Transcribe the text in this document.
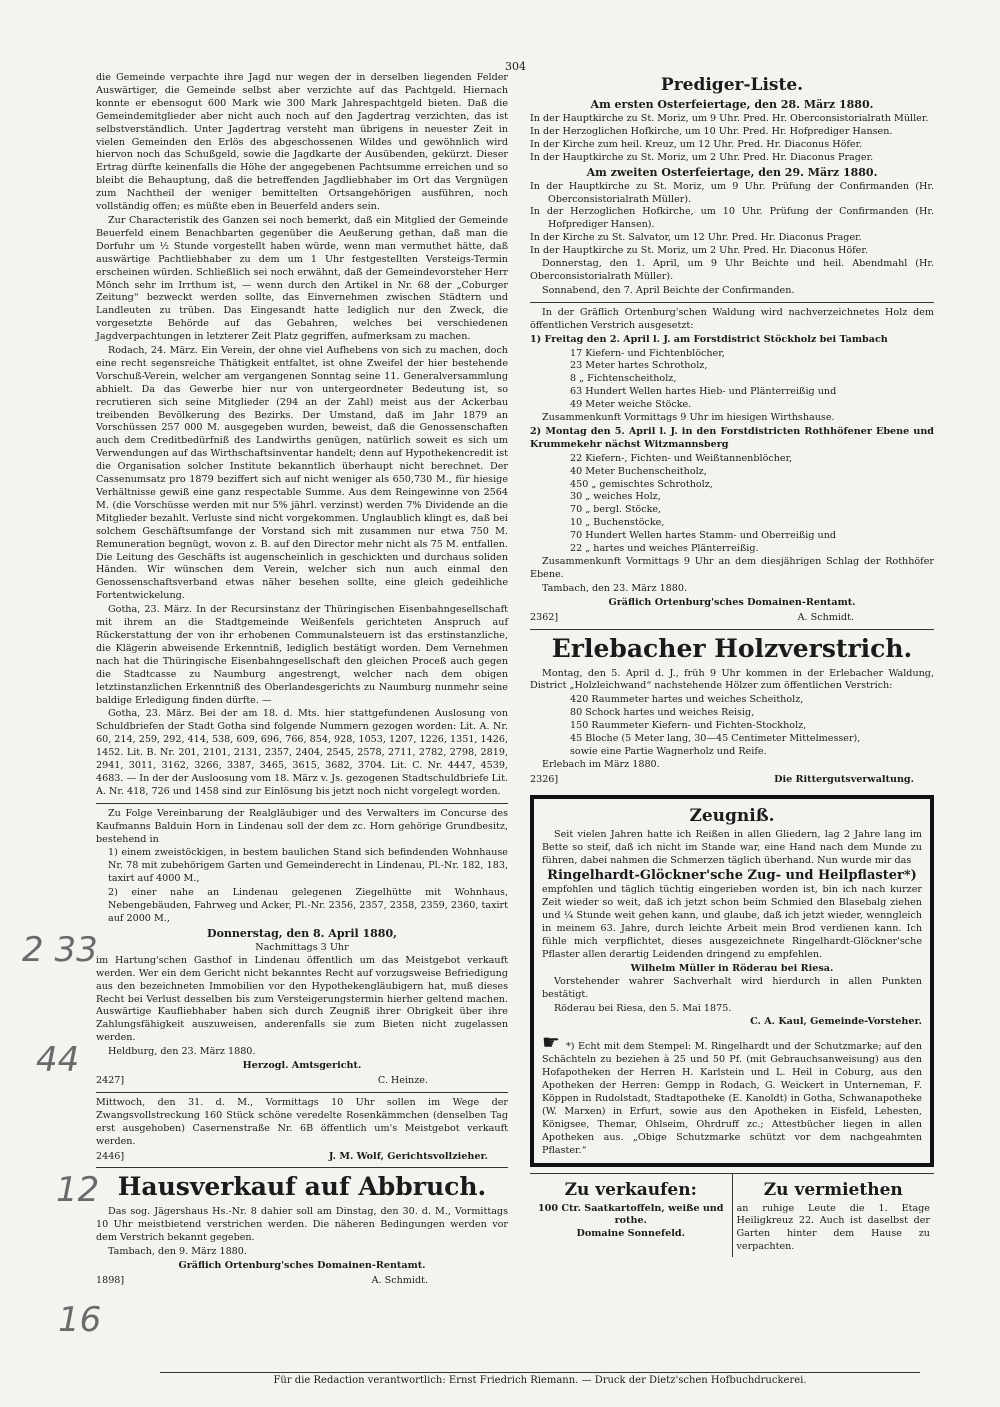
304

die Gemeinde verpachte ihre Jagd nur wegen der in derselben liegenden Felder Auswärtiger, die Gemeinde selbst aber verzichte auf das Pachtgeld. Hiernach konnte er ebensogut 600 Mark wie 300 Mark Jahrespachtgeld bieten. Daß die Gemeindemitglieder aber nicht auch noch auf den Jagdertrag verzichten, das ist selbstverständlich. Unter Jagdertrag versteht man übrigens in neuester Zeit in vielen Gemeinden den Erlös des abgeschossenen Wildes und gewöhnlich wird hiervon noch das Schußgeld, sowie die Jagdkarte der Ausübenden, gekürzt. Dieser Ertrag dürfte keinenfalls die Höhe der angegebenen Pachtsumme erreichen und so bleibt die Behauptung, daß die betreffenden Jagdliebhaber im Ort das Vergnügen zum Nachtheil der weniger bemittelten Ortsangehörigen ausführen, noch vollständig offen; es müßte eben in Beuerfeld anders sein.

Zur Characteristik des Ganzen sei noch bemerkt, daß ein Mitglied der Gemeinde Beuerfeld einem Benachbarten gegenüber die Aeußerung gethan, daß man die Dorfuhr um ½ Stunde vorgestellt haben würde, wenn man vermuthet hätte, daß auswärtige Pachtliebhaber zu dem um 1 Uhr festgestellten Versteigs-Termin erscheinen würden. Schließlich sei noch erwähnt, daß der Gemeindevorsteher Herr Mönch sehr im Irrthum ist, — wenn durch den Artikel in Nr. 68 der „Coburger Zeitung“ bezweckt werden sollte, das Einvernehmen zwischen Städtern und Landleuten zu trüben. Das Eingesandt hatte lediglich nur den Zweck, die vorgesetzte Behörde auf das Gebahren, welches bei verschiedenen Jagdverpachtungen in letzterer Zeit Platz gegriffen, aufmerksam zu machen.

Rodach, 24. März. Ein Verein, der ohne viel Aufhebens von sich zu machen, doch eine recht segensreiche Thätigkeit entfaltet, ist ohne Zweifel der hier bestehende Vorschuß-Verein, welcher am vergangenen Sonntag seine 11. Generalversammlung abhielt. Da das Gewerbe hier nur von untergeordneter Bedeutung ist, so recrutieren sich seine Mitglieder (294 an der Zahl) meist aus der Ackerbau treibenden Bevölkerung des Bezirks. Der Umstand, daß im Jahr 1879 an Vorschüssen 257 000 M. ausgegeben wurden, beweist, daß die Genossenschaften auch dem Creditbedürfniß des Landwirths genügen, natürlich soweit es sich um Verwendungen auf das Wirthschaftsinventar handelt; denn auf Hypothekencredit ist die Organisation solcher Institute bekanntlich überhaupt nicht berechnet. Der Cassenumsatz pro 1879 beziffert sich auf nicht weniger als 650,730 M., für hiesige Verhältnisse gewiß eine ganz respectable Summe. Aus dem Reingewinne von 2564 M. (die Vorschüsse werden mit nur 5% jährl. verzinst) werden 7% Dividende an die Mitglieder bezahlt. Verluste sind nicht vorgekommen. Unglaublich klingt es, daß bei solchem Geschäftsumfange der Vorstand sich mit zusammen nur etwa 750 M. Remuneration begnügt, wovon z. B. auf den Director mehr nicht als 75 M. entfallen. Die Leitung des Geschäfts ist augenscheinlich in geschickten und durchaus soliden Händen. Wir wünschen dem Verein, welcher sich nun auch einmal den Genossenschaftsverband etwas näher besehen sollte, eine gleich gedeihliche Fortentwickelung.

Gotha, 23. März. In der Recursinstanz der Thüringischen Eisenbahngesellschaft mit ihrem an die Stadtgemeinde Weißenfels gerichteten Anspruch auf Rückerstattung der von ihr erhobenen Communalsteuern ist das erstinstanzliche, die Klägerin abweisende Erkenntniß, lediglich bestätigt worden. Dem Vernehmen nach hat die Thüringische Eisenbahngesellschaft den gleichen Proceß auch gegen die Stadtcasse zu Naumburg angestrengt, welcher nach dem obigen letztinstanzlichen Erkenntniß des Oberlandesgerichts zu Naumburg nunmehr seine baldige Erledigung finden dürfte. —

Gotha, 23. März. Bei der am 18. d. Mts. hier stattgefundenen Auslosung von Schuldbriefen der Stadt Gotha sind folgende Nummern gezogen worden: Lit. A. Nr. 60, 214, 259, 292, 414, 538, 609, 696, 766, 854, 928, 1053, 1207, 1226, 1351, 1426, 1452. Lit. B. Nr. 201, 2101, 2131, 2357, 2404, 2545, 2578, 2711, 2782, 2798, 2819, 2941, 3011, 3162, 3266, 3387, 3465, 3615, 3682, 3704. Lit. C. Nr. 4447, 4539, 4683. — In der der Ausloosung vom 18. März v. Js. gezogenen Stadtschuldbriefe Lit. A. Nr. 418, 726 und 1458 sind zur Einlösung bis jetzt noch nicht vorgelegt worden.

Zu Folge Vereinbarung der Realgläubiger und des Verwalters im Concurse des Kaufmanns Balduin Horn in Lindenau soll der dem zc. Horn gehörige Grundbesitz, bestehend in

1) einem zweistöckigen, in bestem baulichen Stand sich befindenden Wohnhause Nr. 78 mit zubehörigem Garten und Gemeinderecht in Lindenau, Pl.-Nr. 182, 183, taxirt auf 4000 M.,

2) einer nahe an Lindenau gelegenen Ziegelhütte mit Wohnhaus, Nebengebäuden, Fahrweg und Acker, Pl.-Nr. 2356, 2357, 2358, 2359, 2360, taxirt auf 2000 M.,

Donnerstag, den 8. April 1880,
Nachmittags 3 Uhr

im Hartung'schen Gasthof in Lindenau öffentlich um das Meistgebot verkauft werden. Wer ein dem Gericht nicht bekanntes Recht auf vorzugsweise Befriedigung aus den bezeichneten Immobilien vor den Hypothekengläubigern hat, muß dieses Recht bei Verlust desselben bis zum Versteigerungstermin hierher geltend machen. Auswärtige Kaufliebhaber haben sich durch Zeugniß ihrer Obrigkeit über ihre Zahlungsfähigkeit auszuweisen, anderenfalls sie zum Bieten nicht zugelassen werden.

Heldburg, den 23. März 1880.

Herzogl. Amtsgericht.
2427]	C. Heinze.

Mittwoch, den 31. d. M., Vormittags 10 Uhr sollen im Wege der Zwangsvollstreckung 160 Stück schöne veredelte Rosenkämmchen (denselben Tag erst ausgehoben) Casernenstraße Nr. 6B öffentlich um's Meistgebot verkauft werden.

2446]	J. M. Wolf, Gerichtsvollzieher.
Hausverkauf auf Abbruch.

Das sog. Jägershaus Hs.-Nr. 8 dahier soll am Dinstag, den 30. d. M., Vormittags 10 Uhr meistbietend verstrichen werden. Die näheren Bedingungen werden vor dem Verstrich bekannt gegeben.

Tambach, den 9. März 1880.

Gräflich Ortenburg'sches Domainen-Rentamt.
1898]	A. Schmidt.
Prediger-Liste.
Am ersten Osterfeiertage, den 28. März 1880.
In der Hauptkirche zu St. Moriz, um 9 Uhr. Pred. Hr. Oberconsistorialrath Müller.
In der Herzoglichen Hofkirche, um 10 Uhr. Pred. Hr. Hofprediger Hansen.
In der Kirche zum heil. Kreuz, um 12 Uhr. Pred. Hr. Diaconus Höfer.
In der Hauptkirche zu St. Moriz, um 2 Uhr. Pred. Hr. Diaconus Prager.
Am zweiten Osterfeiertage, den 29. März 1880.
In der Hauptkirche zu St. Moriz, um 9 Uhr. Prüfung der Confirmanden (Hr. Oberconsistorialrath Müller).
In der Herzoglichen Hofkirche, um 10 Uhr. Prüfung der Confirmanden (Hr. Hofprediger Hansen).
In der Kirche zu St. Salvator, um 12 Uhr. Pred. Hr. Diaconus Prager.
In der Hauptkirche zu St. Moriz, um 2 Uhr. Pred. Hr. Diaconus Höfer.

Donnerstag, den 1. April, um 9 Uhr Beichte und heil. Abendmahl (Hr. Oberconsistorialrath Müller).

Sonnabend, den 7. April Beichte der Confirmanden.

In der Gräflich Ortenburg'schen Waldung wird nachverzeichnetes Holz dem öffentlichen Verstrich ausgesetzt:

1) Freitag den 2. April l. J. am Forstdistrict Stöckholz bei Tambach

17 Kiefern- und Fichtenblöcher,
23 Meter hartes Schrotholz,
8 „ Fichtenscheitholz,
63 Hundert Wellen hartes Hieb- und Plänterreißig und
49 Meter weiche Stöcke.

Zusammenkunft Vormittags 9 Uhr im hiesigen Wirthshause.

2) Montag den 5. April l. J. in den Forstdistricten Rothhöfener Ebene und Krummekehr nächst Witzmannsberg

22 Kiefern-, Fichten- und Weißtannenblöcher,
40 Meter Buchenscheitholz,
450 „ gemischtes Schrotholz,
30 „ weiches Holz,
70 „ bergl. Stöcke,
10 „ Buchenstöcke,
70 Hundert Wellen hartes Stamm- und Oberreißig und
22 „ hartes und weiches Plänterreißig.

Zusammenkunft Vormittags 9 Uhr an dem diesjährigen Schlag der Rothhöfer Ebene.

Tambach, den 23. März 1880.

Gräflich Ortenburg'sches Domainen-Rentamt.
2362]	A. Schmidt.
Erlebacher Holzverstrich.

Montag, den 5. April d. J., früh 9 Uhr kommen in der Erlebacher Waldung, District „Holzleichwand“ nachstehende Hölzer zum öffentlichen Verstrich:

420 Raummeter hartes und weiches Scheitholz,
80 Schock hartes und weiches Reisig,
150 Raummeter Kiefern- und Fichten-Stockholz,
45 Bloche (5 Meter lang, 30—45 Centimeter Mittelmesser),
sowie eine Partie Wagnerholz und Reife.

Erlebach im März 1880.

2326]	Die Rittergutsverwaltung.
Zeugniß.

Seit vielen Jahren hatte ich Reißen in allen Gliedern, lag 2 Jahre lang im Bette so steif, daß ich nicht im Stande war, eine Hand nach dem Munde zu führen, dabei nahmen die Schmerzen täglich überhand. Nun wurde mir das

Ringelhardt-Glöckner'sche Zug- und Heilpflaster*)

empfohlen und täglich tüchtig eingerieben worden ist, bin ich nach kurzer Zeit wieder so weit, daß ich jetzt schon beim Schmied den Blasebalg ziehen und ¼ Stunde weit gehen kann, und glaube, daß ich jetzt wieder, wenngleich in meinem 63. Jahre, durch leichte Arbeit mein Brod verdienen kann. Ich fühle mich verpflichtet, dieses ausgezeichnete Ringelhardt-Glöckner'sche Pflaster allen derartig Leidenden dringend zu empfehlen.

Wilhelm Müller in Röderau bei Riesa.

Vorstehender wahrer Sachverhalt wird hierdurch in allen Punkten bestätigt.

Röderau bei Riesa, den 5. Mai 1875.

C. A. Kaul, Gemeinde-Vorsteher.

☛ *) Echt mit dem Stempel: M. Ringelhardt und der Schutzmarke; auf den Schächteln zu beziehen à 25 und 50 Pf. (mit Gebrauchsanweisung) aus den Hofapotheken der Herren H. Karlstein und L. Heil in Coburg, aus den Apotheken der Herren: Gempp in Rodach, G. Weickert in Unterneman, F. Köppen in Rudolstadt, Stadtapotheke (E. Kanoldt) in Gotha, Schwanapotheke (W. Marxen) in Erfurt, sowie aus den Apotheken in Eisfeld, Lehesten, Königsee, Themar, Ohlseim, Ohrdruff zc.; Attestbücher liegen in allen Apotheken aus. „Obige Schutzmarke schützt vor dem nachgeahmten Pflaster.“

Zu verkaufen:
100 Ctr. Saatkartoffeln, weiße und rothe.
Domaine Sonnefeld.
Zu vermiethen
an ruhige Leute die 1. Etage Heiligkreuz 22. Auch ist daselbst der Garten hinter dem Hause zu verpachten.
Für die Redaction verantwortlich: Ernst Friedrich Riemann. — Druck der Dietz'schen Hofbuchdruckerei.
2 33
44
12
16
